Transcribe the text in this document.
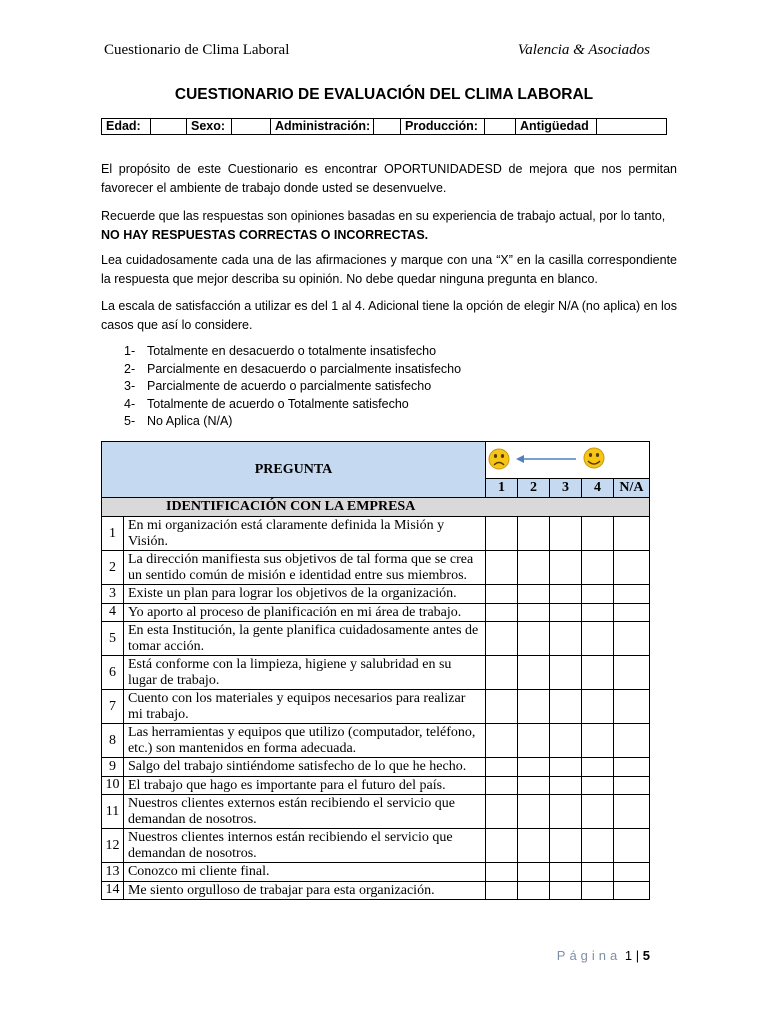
Cuestionario de Clima Laboral	Valencia & Asociados
CUESTIONARIO DE EVALUACIÓN DEL CLIMA LABORAL
Edad:		Sexo:		Administración:		Producción:		Antigüedad	
El propósito de este Cuestionario es encontrar OPORTUNIDADESD de mejora que nos permitan favorecer el ambiente de trabajo donde usted se desenvuelve.
Recuerde que las respuestas son opiniones basadas en su experiencia de trabajo actual, por lo tanto, NO HAY RESPUESTAS CORRECTAS O INCORRECTAS.
Lea cuidadosamente cada una de las afirmaciones y marque con una “X” en la casilla correspondiente la respuesta que mejor describa su opinión. No debe quedar ninguna pregunta en blanco.
La escala de satisfacción a utilizar es del 1 al 4. Adicional tiene la opción de elegir N/A (no aplica) en los casos que así lo considere.
1- Totalmente en desacuerdo o totalmente insatisfecho
2- Parcialmente en desacuerdo o parcialmente insatisfecho
3- Parcialmente de acuerdo o parcialmente satisfecho
4- Totalmente de acuerdo o Totalmente satisfecho
5- No Aplica (N/A)
PREGUNTA	

		1	2	3	4	N/A
IDENTIFICACIÓN CON LA EMPRESA						
1	En mi organización está claramente definida la Misión y Visión.					
2	La dirección manifiesta sus objetivos de tal forma que se crea un sentido común de misión e identidad entre sus miembros.					
3	Existe un plan para lograr los objetivos de la organización.					
4	Yo aporto al proceso de planificación en mi área de trabajo.					
5	En esta Institución, la gente planifica cuidadosamente antes de tomar acción.					
6	Está conforme con la limpieza, higiene y salubridad en su lugar de trabajo.					
7	Cuento con los materiales y equipos necesarios para realizar mi trabajo.					
8	Las herramientas y equipos que utilizo (computador, teléfono, etc.) son mantenidos en forma adecuada.					
9	Salgo del trabajo sintiéndome satisfecho de lo que he hecho.					
10	El trabajo que hago es importante para el futuro del país.					
11	Nuestros clientes externos están recibiendo el servicio que demandan de nosotros.					
12	Nuestros clientes internos están recibiendo el servicio que demandan de nosotros.					
13	Conozco mi cliente final.					
14	Me siento orgulloso de trabajar para esta organización.					
Página 1 | 5
